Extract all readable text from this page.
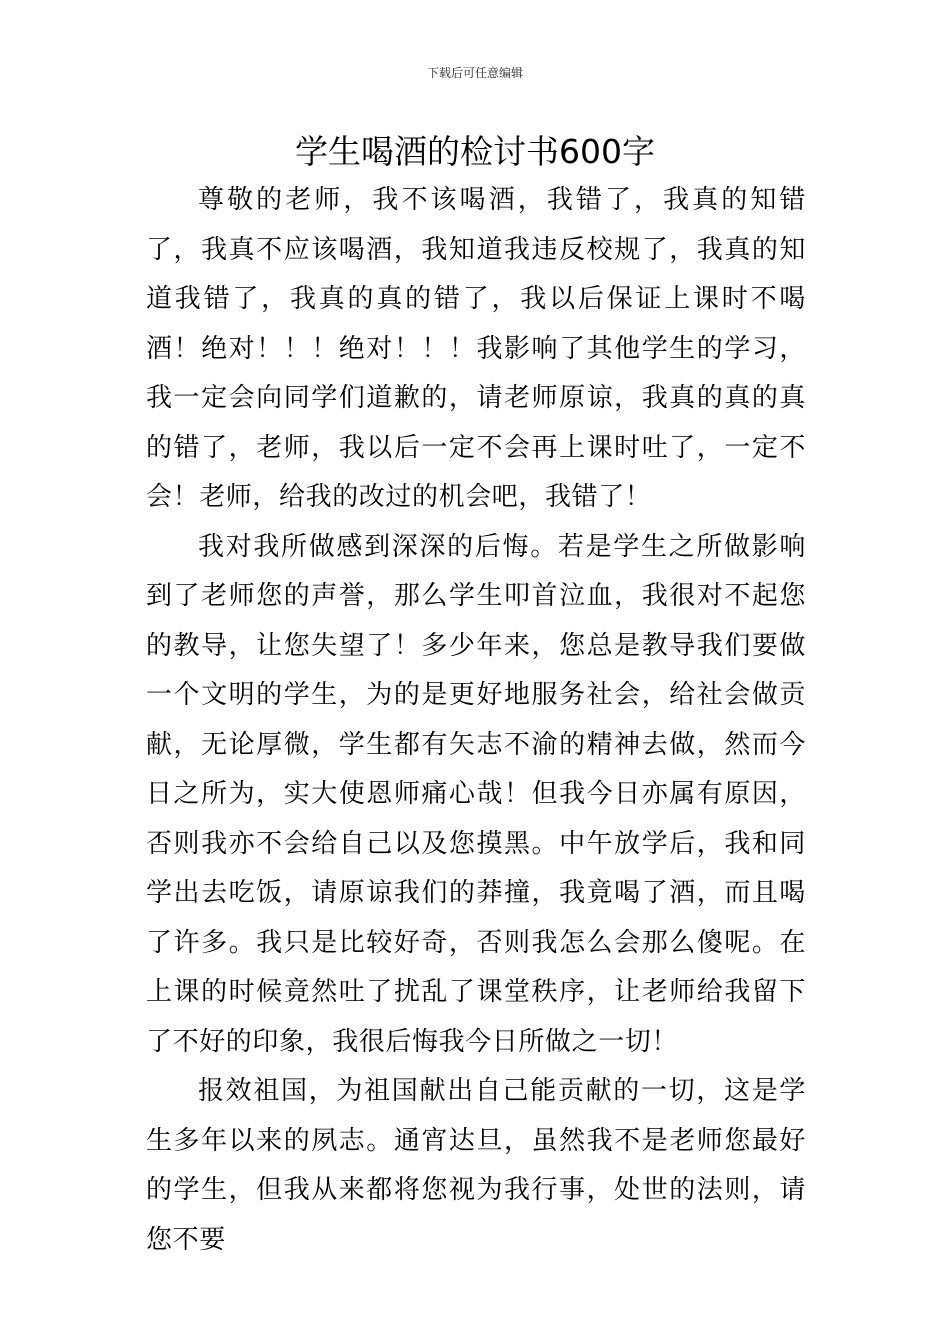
下载后可任意编辑
学生喝酒的检讨书600字

尊敬的老师，我不该喝酒，我错了，我真的知错了，我真不应该喝酒，我知道我违反校规了，我真的知道我错了，我真的真的错了，我以后保证上课时不喝酒！绝对！！！绝对！！！我影响了其他学生的学习，我一定会向同学们道歉的，请老师原谅，我真的真的真的错了，老师，我以后一定不会再上课时吐了，一定不会！老师，给我的改过的机会吧，我错了！

我对我所做感到深深的后悔。若是学生之所做影响到了老师您的声誉，那么学生叩首泣血，我很对不起您的教导，让您失望了！多少年来，您总是教导我们要做一个文明的学生，为的是更好地服务社会，给社会做贡献，无论厚微，学生都有矢志不渝的精神去做，然而今日之所为，实大使恩师痛心哉！但我今日亦属有原因，否则我亦不会给自己以及您摸黑。中午放学后，我和同学出去吃饭，请原谅我们的莽撞，我竟喝了酒，而且喝了许多。我只是比较好奇，否则我怎么会那么傻呢。在上课的时候竟然吐了扰乱了课堂秩序，让老师给我留下了不好的印象，我很后悔我今日所做之一切！

报效祖国，为祖国献出自己能贡献的一切，这是学生多年以来的夙志。通宵达旦，虽然我不是老师您最好的学生，但我从来都将您视为我行事，处世的法则，请您不要
